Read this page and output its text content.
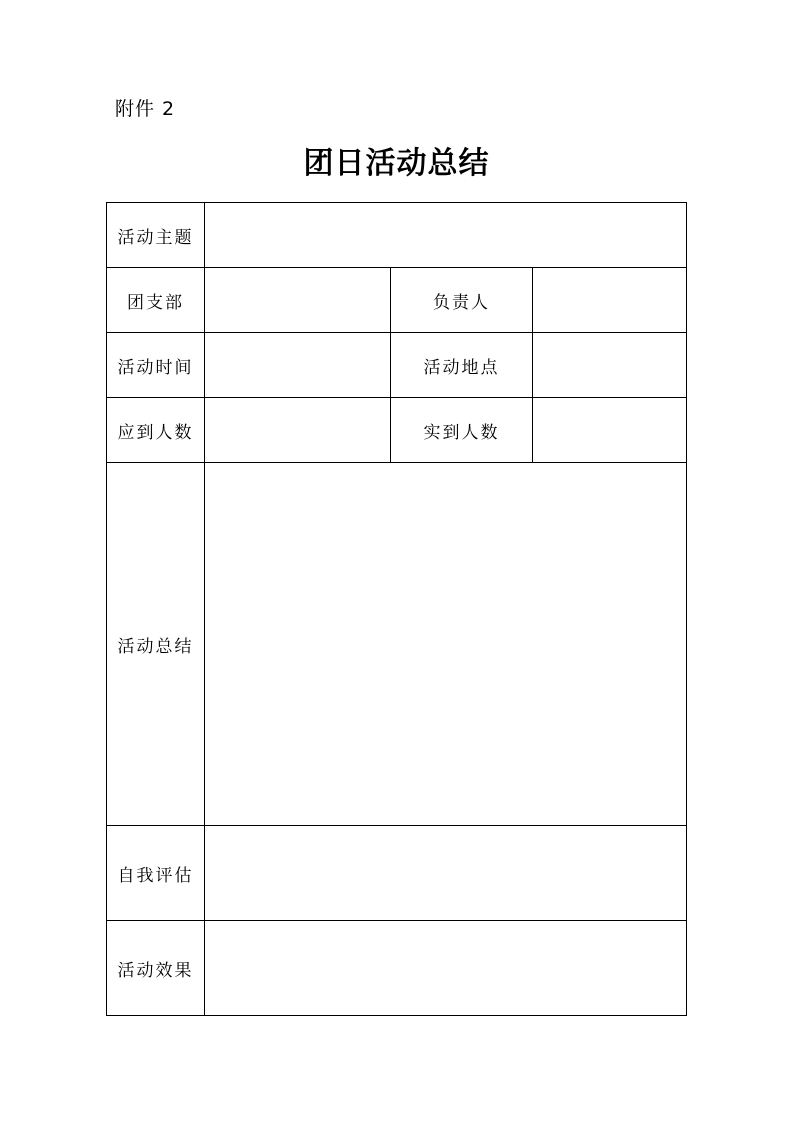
附件 2
团日活动总结
活动主题			
团支部		负责人	
活动时间		活动地点	
应到人数		实到人数	
活动总结			
自我评估			
活动效果			
